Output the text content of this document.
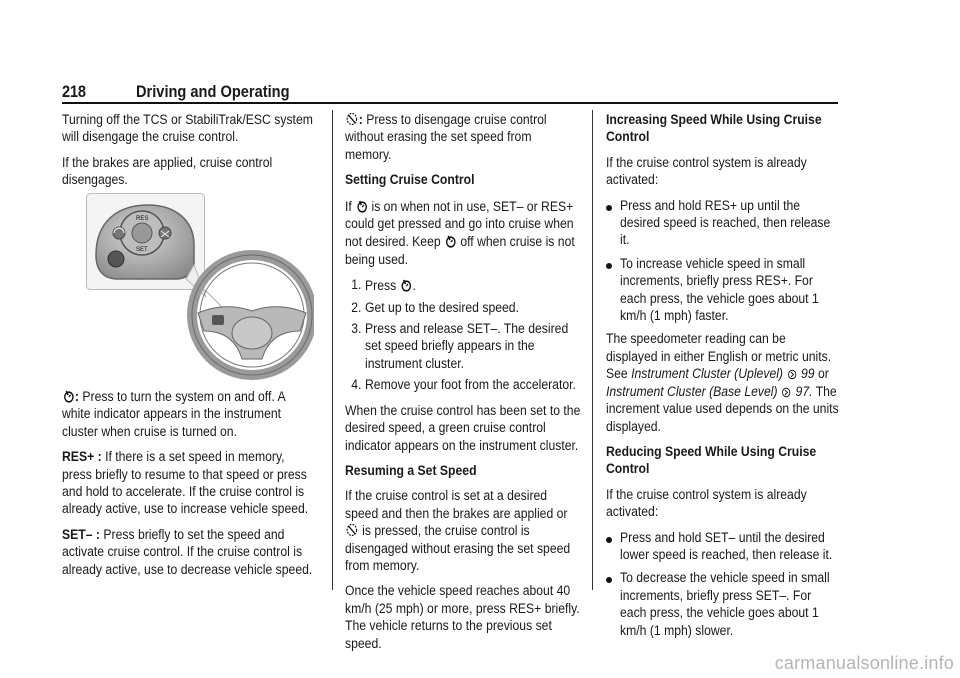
218	Driving and Operating

Turning off the TCS or StabiliTrak/ESC system will disengage the cruise control.

If the brakes are applied, cruise control disengages.

RES
SET

: Press to turn the system on and off. A white indicator appears in the instrument cluster when cruise is turned on.

RES+ : If there is a set speed in memory, press briefly to resume to that speed or press and hold to accelerate. If the cruise control is already active, use to increase vehicle speed.

SET– : Press briefly to set the speed and activate cruise control. If the cruise control is already active, use to decrease vehicle speed.

: Press to disengage cruise control without erasing the set speed from memory.

Setting Cruise Control

If is on when not in use, SET– or RES+ could get pressed and go into cruise when not desired. Keep off when cruise is not being used.

1. Press .
2. Get up to the desired speed.
3. Press and release SET–. The desired set speed briefly appears in the instrument cluster.
4. Remove your foot from the accelerator.

When the cruise control has been set to the desired speed, a green cruise control indicator appears on the instrument cluster.

Resuming a Set Speed

If the cruise control is set at a desired speed and then the brakes are applied or  is pressed, the cruise control is disengaged without erasing the set speed from memory.

Once the vehicle speed reaches about 40 km/h (25 mph) or more, press RES+ briefly. The vehicle returns to the previous set speed.

Increasing Speed While Using Cruise Control

If the cruise control system is already activated:

Press and hold RES+ up until the desired speed is reached, then release it.
To increase vehicle speed in small increments, briefly press RES+. For each press, the vehicle goes about 1 km/h (1 mph) faster.

The speedometer reading can be displayed in either English or metric units. See Instrument Cluster (Uplevel) 99 or Instrument Cluster (Base Level) 97. The increment value used depends on the units displayed.

Reducing Speed While Using Cruise Control

If the cruise control system is already activated:

Press and hold SET– until the desired lower speed is reached, then release it.
To decrease the vehicle speed in small increments, briefly press SET–. For each press, the vehicle goes about 1 km/h (1 mph) slower.
carmanualsonline.info
